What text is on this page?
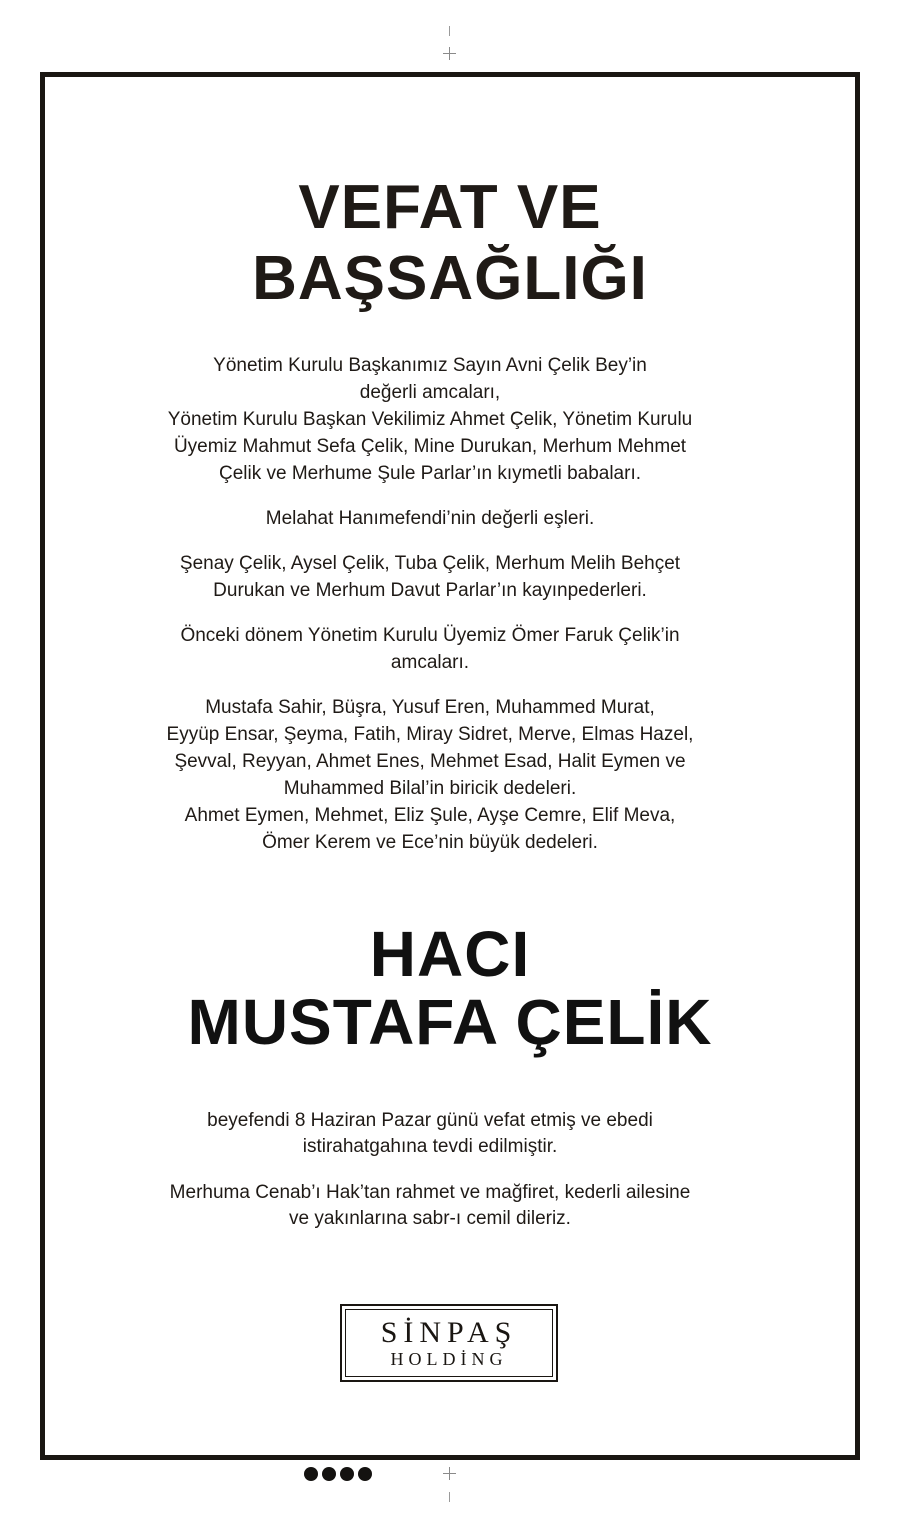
VEFAT VE
BAŞSAĞLIĞI

Yönetim Kurulu Başkanımız Sayın Avni Çelik Bey’in
değerli amcaları,
Yönetim Kurulu Başkan Vekilimiz Ahmet Çelik, Yönetim Kurulu
Üyemiz Mahmut Sefa Çelik, Mine Durukan, Merhum Mehmet
Çelik ve Merhume Şule Parlar’ın kıymetli babaları.

Melahat Hanımefendi’nin değerli eşleri.

Şenay Çelik, Aysel Çelik, Tuba Çelik, Merhum Melih Behçet
Durukan ve Merhum Davut Parlar’ın kayınpederleri.

Önceki dönem Yönetim Kurulu Üyemiz Ömer Faruk Çelik’in
amcaları.

Mustafa Sahir, Büşra, Yusuf Eren, Muhammed Murat,
Eyyüp Ensar, Şeyma, Fatih, Miray Sidret, Merve, Elmas Hazel,
Şevval, Reyyan, Ahmet Enes, Mehmet Esad, Halit Eymen ve
Muhammed Bilal’in biricik dedeleri.
Ahmet Eymen, Mehmet, Eliz Şule, Ayşe Cemre, Elif Meva,
Ömer Kerem ve Ece’nin büyük dedeleri.

HACI
MUSTAFA ÇELİK

beyefendi 8 Haziran Pazar günü vefat etmiş ve ebedi
istirahatgahına tevdi edilmiştir.

Merhuma Cenab’ı Hak’tan rahmet ve mağfiret, kederli ailesine
ve yakınlarına sabr-ı cemil dileriz.

SİNPAŞ
HOLDİNG
